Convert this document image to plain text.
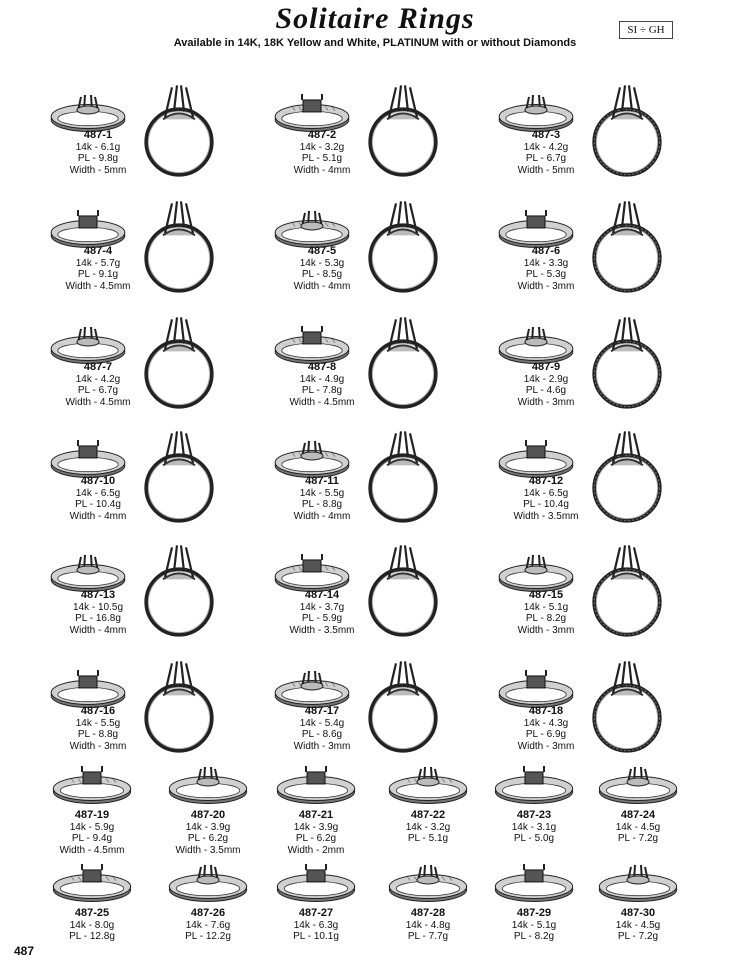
Solitaire Rings
Available in 14K, 18K Yellow and White, PLATINUM with or without Diamonds
SI ÷ GH
487-1
14k - 6.1g
PL - 9.8g
Width - 5mm
487-2
14k - 3.2g
PL - 5.1g
Width - 4mm
487-3
14k - 4.2g
PL - 6.7g
Width - 5mm
487-4
14k - 5.7g
PL - 9.1g
Width - 4.5mm
487-5
14k - 5.3g
PL - 8.5g
Width - 4mm
487-6
14k - 3.3g
PL - 5.3g
Width - 3mm
487-7
14k - 4.2g
PL - 6.7g
Width - 4.5mm
487-8
14k - 4.9g
PL - 7.8g
Width - 4.5mm
487-9
14k - 2.9g
PL - 4.6g
Width - 3mm
487-10
14k - 6.5g
PL - 10.4g
Width - 4mm
487-11
14k - 5.5g
PL - 8.8g
Width - 4mm
487-12
14k - 6.5g
PL - 10.4g
Width - 3.5mm
487-13
14k - 10.5g
PL - 16.8g
Width - 4mm
487-14
14k - 3.7g
PL - 5.9g
Width - 3.5mm
487-15
14k - 5.1g
PL - 8.2g
Width - 3mm
487-16
14k - 5.5g
PL - 8.8g
Width - 3mm
487-17
14k - 5.4g
PL - 8.6g
Width - 3mm
487-18
14k - 4.3g
PL - 6.9g
Width - 3mm
487-19
14k - 5.9g
PL - 9.4g
Width - 4.5mm
487-20
14k - 3.9g
PL - 6.2g
Width - 3.5mm
487-21
14k - 3.9g
PL - 6.2g
Width - 2mm
487-22
14k - 3.2g
PL - 5.1g
487-23
14k - 3.1g
PL - 5.0g
487-24
14k - 4.5g
PL - 7.2g
487-25
14k - 8.0g
PL - 12.8g
487-26
14k - 7.6g
PL - 12.2g
487-27
14k - 6.3g
PL - 10.1g
487-28
14k - 4.8g
PL - 7.7g
487-29
14k - 5.1g
PL - 8.2g
487-30
14k - 4.5g
PL - 7.2g
487
